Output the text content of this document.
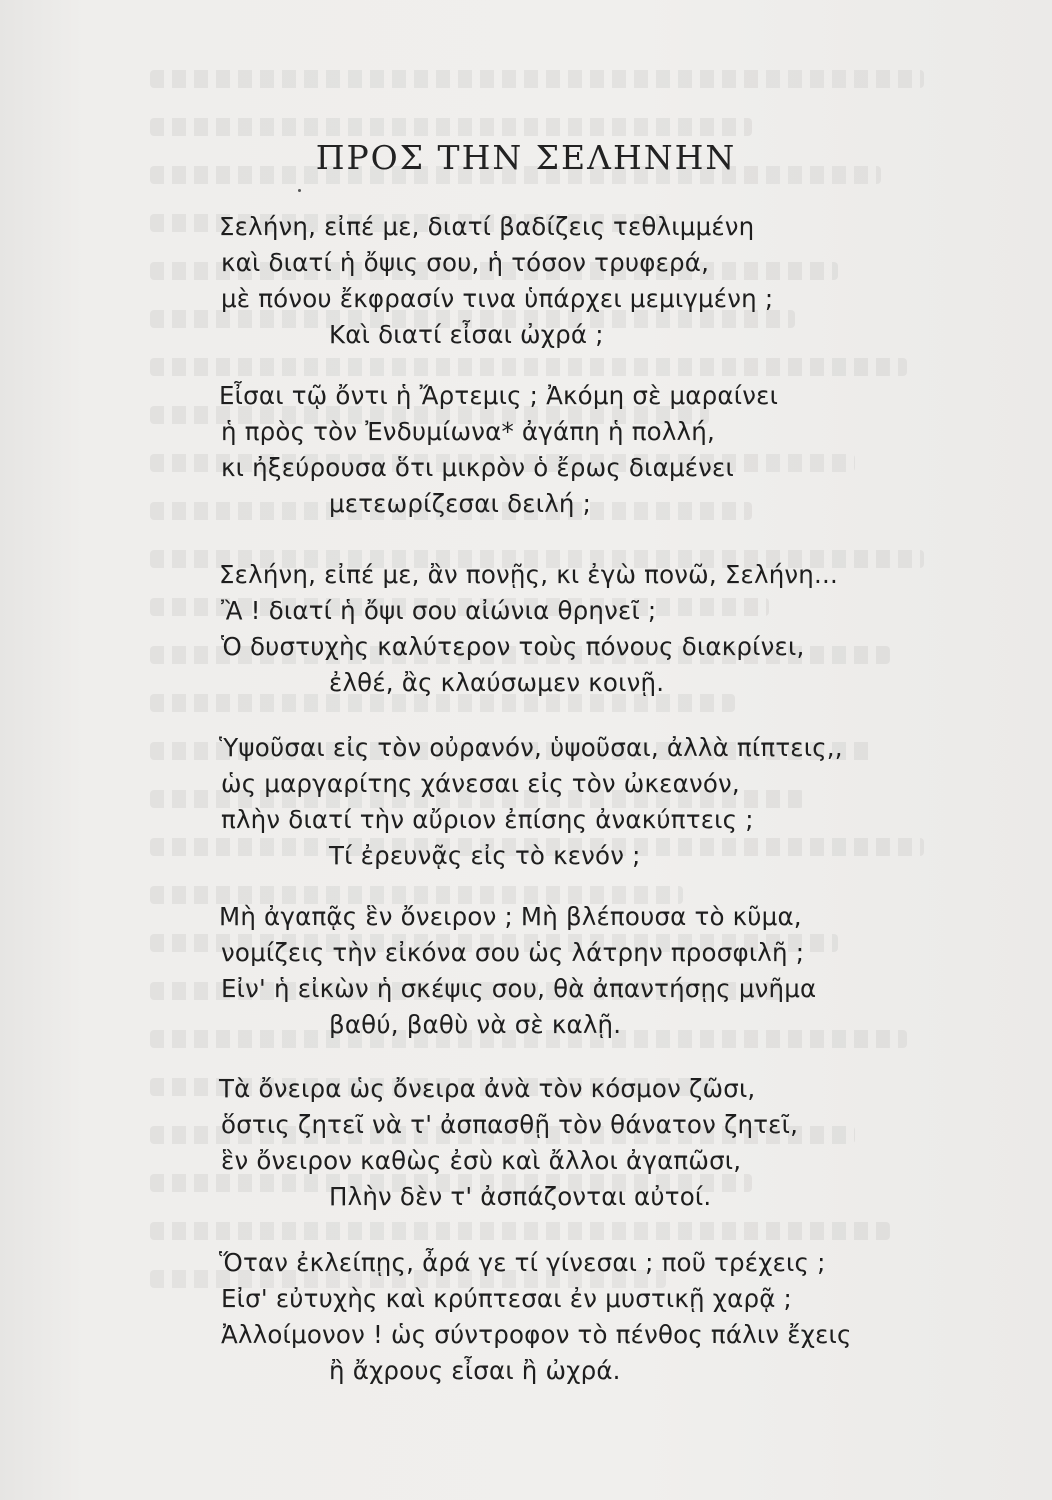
ΠΡΟΣ ΤΗΝ ΣΕΛΗΝΗΝ
Σελήνη, εἰπέ με, διατί βαδίζεις τεθλιμμένη
καὶ διατί ἡ ὄψις σου, ἡ τόσον τρυφερά,
μὲ πόνου ἔκφρασίν τινα ὑπάρχει μεμιγμένη ;
Καὶ διατί εἶσαι ὠχρά ;
Εἶσαι τῷ ὄντι ἡ Ἄρτεμις ; Ἀκόμη σὲ μαραίνει
ἡ πρὸς τὸν Ἐνδυμίωνα* ἀγάπη ἡ πολλή,
κι ἠξεύρουσα ὅτι μικρὸν ὁ ἔρως διαμένει
μετεωρίζεσαι δειλή ;
Σελήνη, εἰπέ με, ἂν πονῇς, κι ἐγὼ πονῶ, Σελήνη...
Ἂ ! διατί ἡ ὄψι σου αἰώνια θρηνεῖ ;
Ὁ δυστυχὴς καλύτερον τοὺς πόνους διακρίνει,
ἐλθέ, ἂς κλαύσωμεν κοινῇ.
Ὑψοῦσαι εἰς τὸν οὐρανόν, ὑψοῦσαι, ἀλλὰ πίπτεις,,
ὡς μαργαρίτης χάνεσαι εἰς τὸν ὠκεανόν,
πλὴν διατί τὴν αὔριον ἐπίσης ἀνακύπτεις ;
Τί ἐρευνᾷς εἰς τὸ κενόν ;
Μὴ ἀγαπᾷς ἓν ὄνειρον ; Μὴ βλέπουσα τὸ κῦμα,
νομίζεις τὴν εἰκόνα σου ὡς λάτρην προσφιλῆ ;
Εἰν' ἡ εἰκὼν ἡ σκέψις σου, θὰ ἀπαντήσῃς μνῆμα
βαθύ, βαθὺ νὰ σὲ καλῇ.
Τὰ ὄνειρα ὡς ὄνειρα ἀνὰ τὸν κόσμον ζῶσι,
ὅστις ζητεῖ νὰ τ' ἀσπασθῇ τὸν θάνατον ζητεῖ,
ἓν ὄνειρον καθὼς ἐσὺ καὶ ἄλλοι ἀγαπῶσι,
Πλὴν δὲν τ' ἀσπάζονται αὐτοί.
Ὅταν ἐκλείπῃς, ἆρά γε τί γίνεσαι ; ποῦ τρέχεις ;
Εἰσ' εὐτυχὴς καὶ κρύπτεσαι ἐν μυστικῇ χαρᾷ ;
Ἀλλοίμονον ! ὡς σύντροφον τὸ πένθος πάλιν ἔχεις
ἢ ἄχρους εἶσαι ἢ ὠχρά.
